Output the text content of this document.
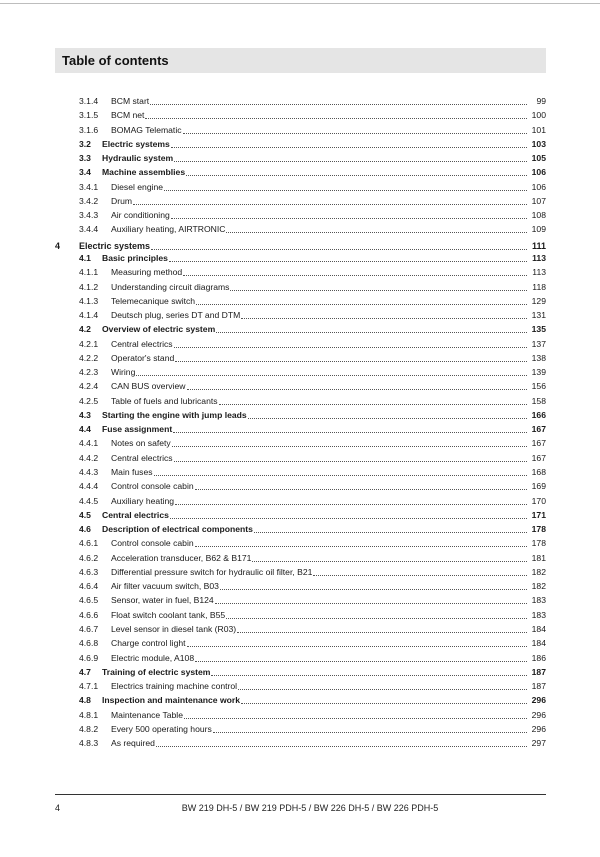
Table of contents
3.1.4	BCM start	99
3.1.5	BCM net	100
3.1.6	BOMAG Telematic	101
3.2	Electric systems	103
3.3	Hydraulic system	105
3.4	Machine assemblies	106
3.4.1	Diesel engine	106
3.4.2	Drum	107
3.4.3	Air conditioning	108
3.4.4	Auxiliary heating, AIRTRONIC	109
4 Electric systems	111
4.1	Basic principles	113
4.1.1	Measuring method	113
4.1.2	Understanding circuit diagrams	118
4.1.3	Telemecanique switch	129
4.1.4	Deutsch plug, series DT and DTM	131
4.2	Overview of electric system	135
4.2.1	Central electrics	137
4.2.2	Operator's stand	138
4.2.3	Wiring	139
4.2.4	CAN BUS overview	156
4.2.5	Table of fuels and lubricants	158
4.3	Starting the engine with jump leads	166
4.4	Fuse assignment	167
4.4.1	Notes on safety	167
4.4.2	Central electrics	167
4.4.3	Main fuses	168
4.4.4	Control console cabin	169
4.4.5	Auxiliary heating	170
4.5	Central electrics	171
4.6	Description of electrical components	178
4.6.1	Control console cabin	178
4.6.2	Acceleration transducer, B62 & B171	181
4.6.3	Differential pressure switch for hydraulic oil filter, B21	182
4.6.4	Air filter vacuum switch, B03	182
4.6.5	Sensor, water in fuel, B124	183
4.6.6	Float switch coolant tank, B55	183
4.6.7	Level sensor in diesel tank (R03)	184
4.6.8	Charge control light	184
4.6.9	Electric module, A108	186
4.7	Training of electric system	187
4.7.1	Electrics training machine control	187
4.8	Inspection and maintenance work	296
4.8.1	Maintenance Table	296
4.8.2	Every 500 operating hours	296
4.8.3	As required	297
4	BW 219 DH-5 / BW 219 PDH-5 / BW 226 DH-5 / BW 226 PDH-5
